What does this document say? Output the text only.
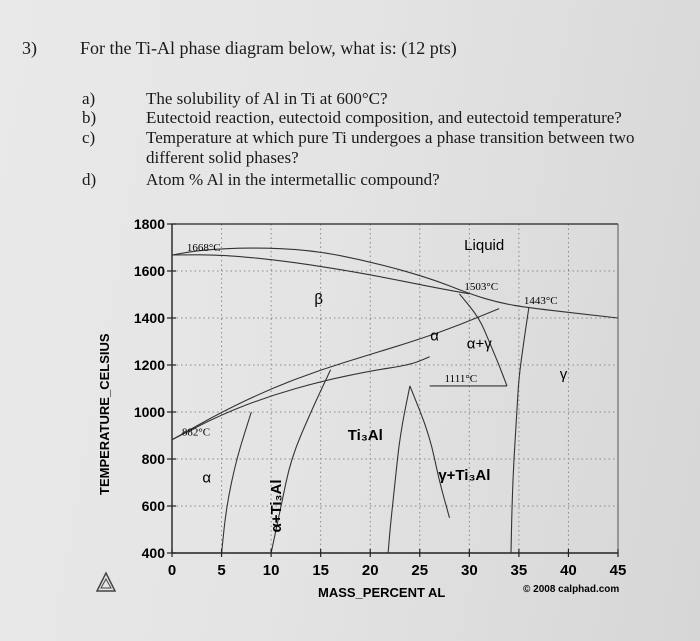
3) For the Ti-Al phase diagram below, what is: (12 pts)
a)	The solubility of Al in Ti at 600°C?
b)	Eutectoid reaction, eutectoid composition, and eutectoid temperature?
c)	Temperature at which pure Ti undergoes a phase transition between two
different solid phases?
d)	Atom % Al in the intermetallic compound?
400
600
800
1000
1200
1400
1600
1800
0	5 10 15 20 25 30 35 40 45
Liquid
β
α α+γ
γ
Ti₃Al
γ+Ti₃Al
α
α+Ti₃Al
1668°C
1503°C
1443°C
1111°C
882°C
TEMPERATURE_CELSIUS
MASS_PERCENT AL	© 2008 calphad.com
